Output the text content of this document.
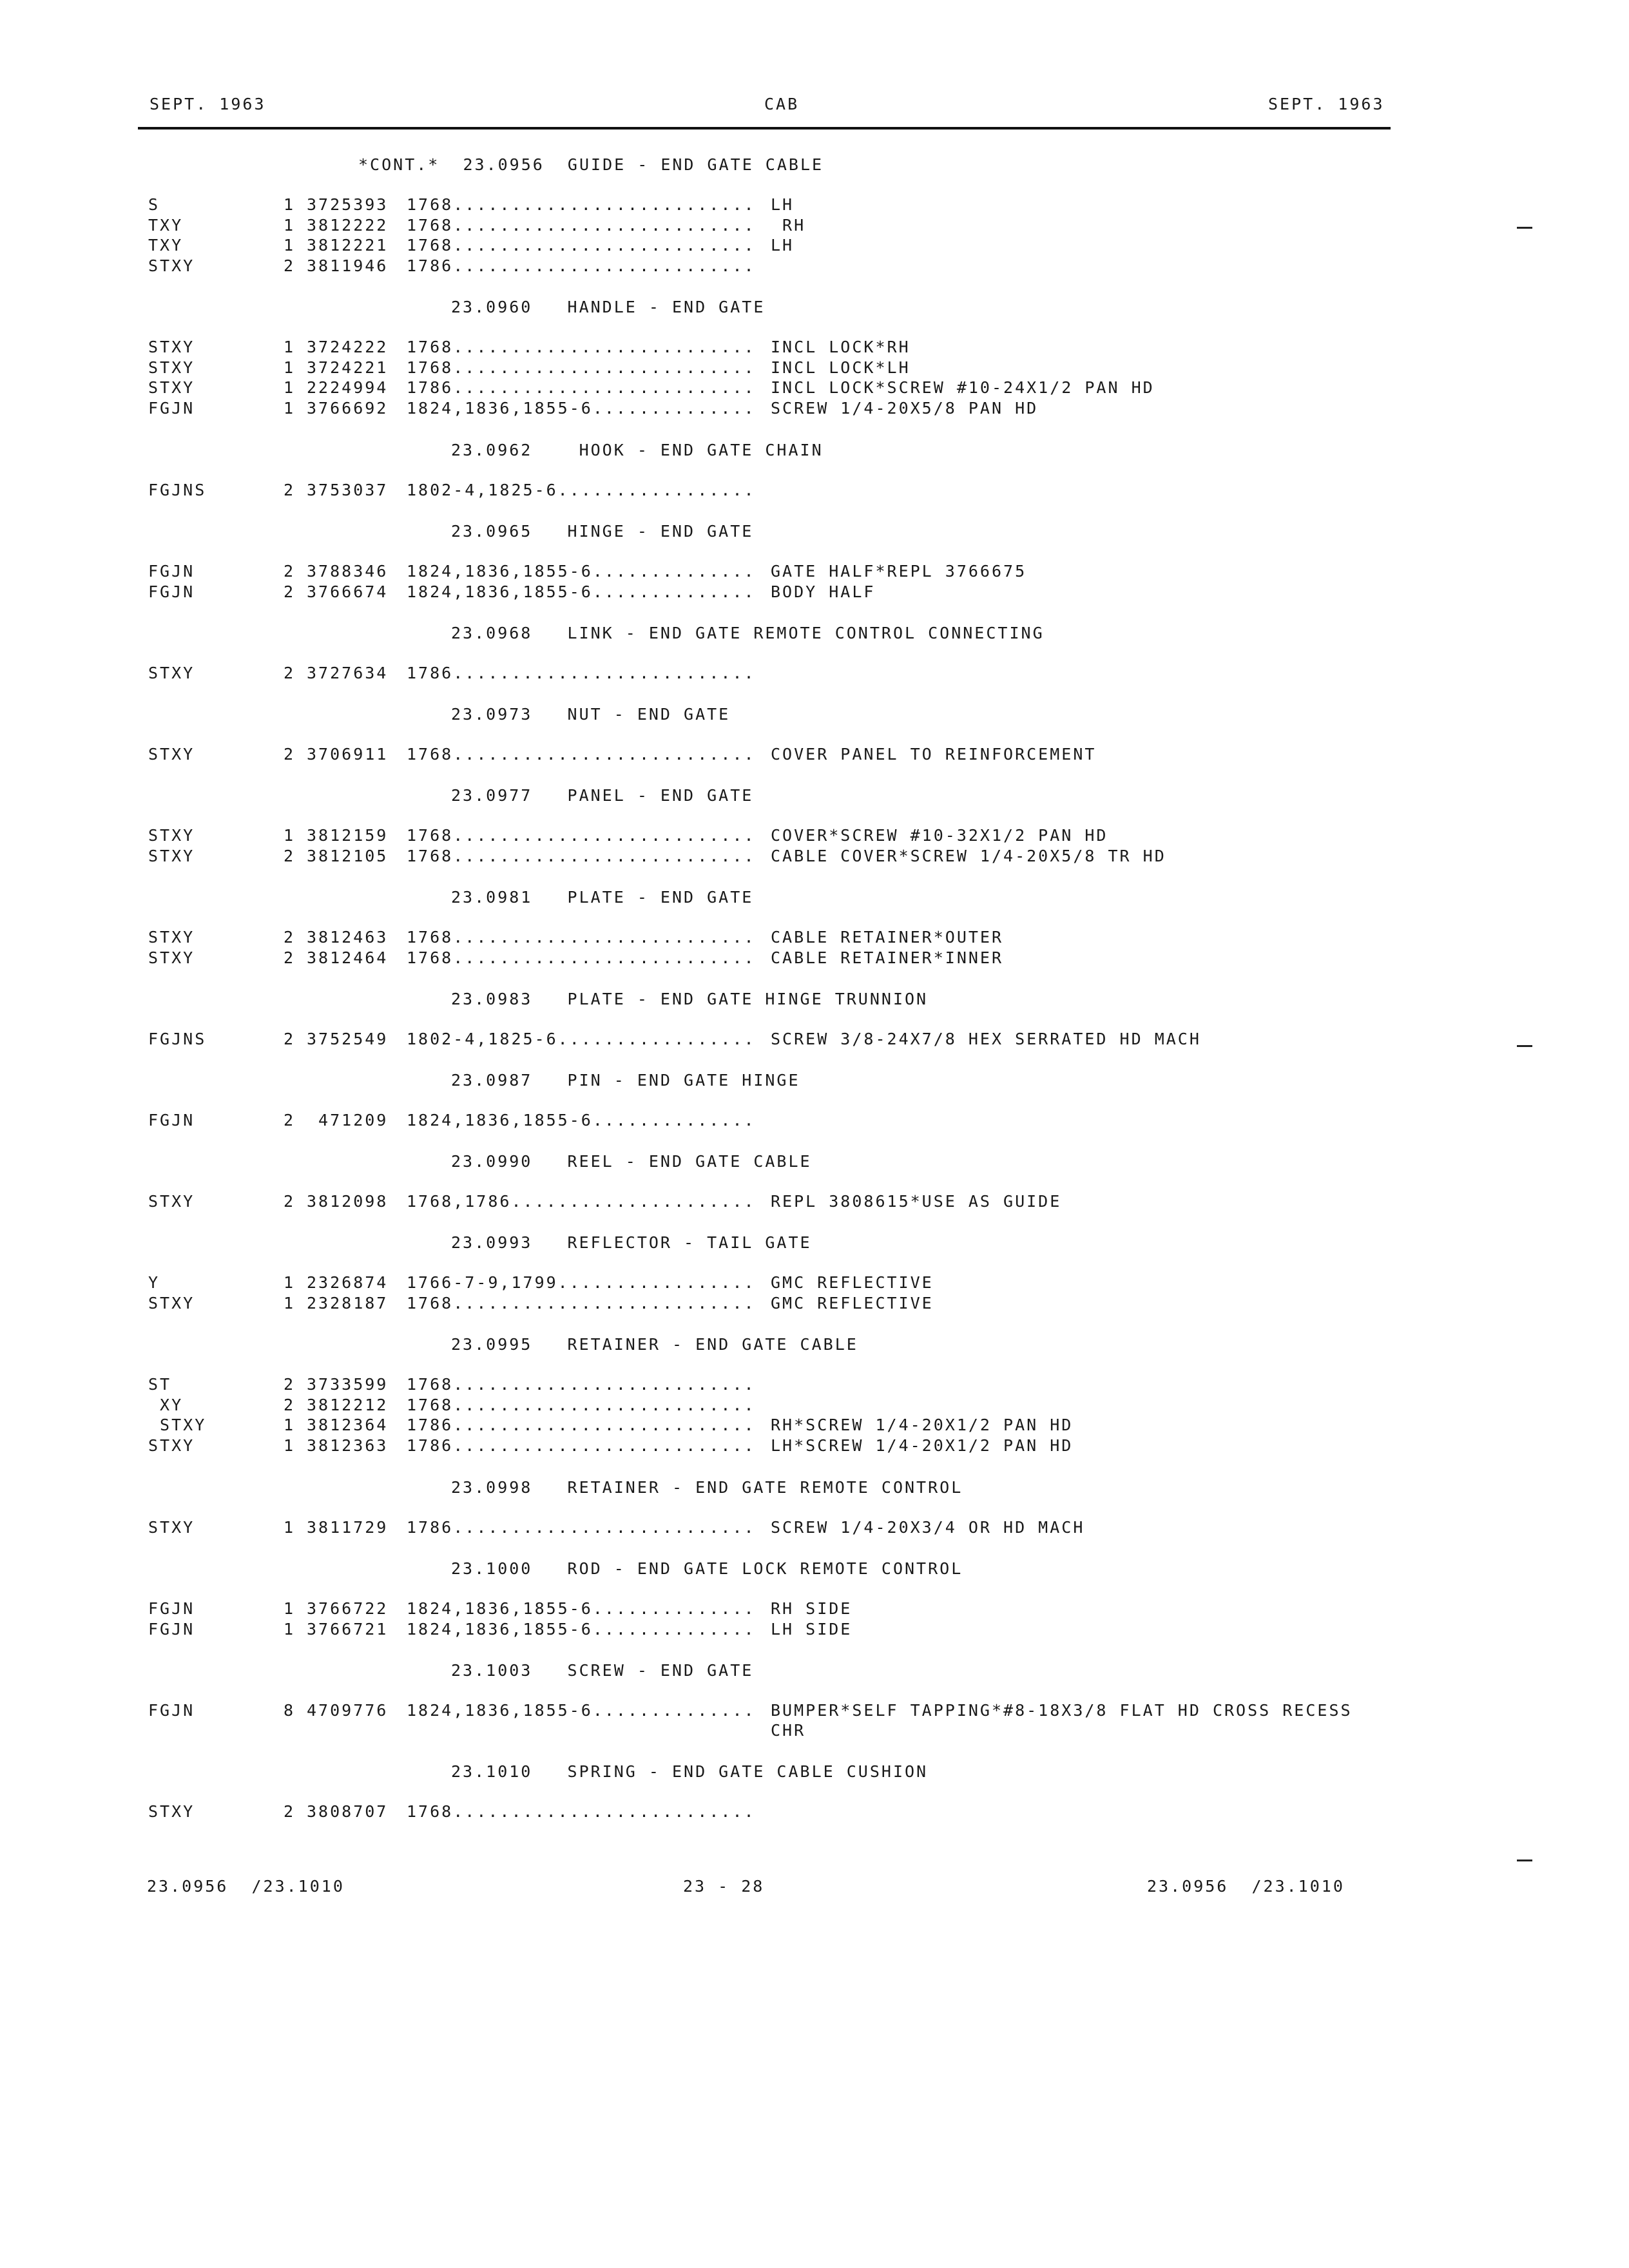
SEPT. 1963	CAB	SEPT. 1963
*CONT.*  23.0956  GUIDE - END GATE CABLE
S	1 3725393 1768.......................... LH
TXY	1 3812222 1768.......................... RH
TXY	1 3812221 1768.......................... LH
STXY	2 3811946 1786..........................
23.0960   HANDLE - END GATE
STXY	1 3724222 1768.......................... INCL LOCK*RH
STXY	1 3724221 1768.......................... INCL LOCK*LH
STXY	1 2224994 1786.......................... INCL LOCK*SCREW #10-24X1/2 PAN HD
FGJN	1 3766692 1824,1836,1855-6.............. SCREW 1/4-20X5/8 PAN HD
23.0962    HOOK - END GATE CHAIN
FGJNS	2 3753037 1802-4,1825-6.................
23.0965   HINGE - END GATE
FGJN	2 3788346 1824,1836,1855-6.............. GATE HALF*REPL 3766675
FGJN	2 3766674 1824,1836,1855-6.............. BODY HALF
23.0968   LINK - END GATE REMOTE CONTROL CONNECTING
STXY	2 3727634 1786..........................
23.0973   NUT - END GATE
STXY	2 3706911 1768.......................... COVER PANEL TO REINFORCEMENT
23.0977   PANEL - END GATE
STXY	1 3812159 1768.......................... COVER*SCREW #10-32X1/2 PAN HD
STXY	2 3812105 1768.......................... CABLE COVER*SCREW 1/4-20X5/8 TR HD
23.0981   PLATE - END GATE
STXY	2 3812463 1768.......................... CABLE RETAINER*OUTER
STXY	2 3812464 1768.......................... CABLE RETAINER*INNER
23.0983   PLATE - END GATE HINGE TRUNNION
FGJNS	2 3752549 1802-4,1825-6................. SCREW 3/8-24X7/8 HEX SERRATED HD MACH
23.0987   PIN - END GATE HINGE
FGJN	2 471209 1824,1836,1855-6..............
23.0990   REEL - END GATE CABLE
STXY	2 3812098 1768,1786..................... REPL 3808615*USE AS GUIDE
23.0993   REFLECTOR - TAIL GATE
Y	1 2326874 1766-7-9,1799................. GMC REFLECTIVE
STXY	1 2328187 1768.......................... GMC REFLECTIVE
23.0995   RETAINER - END GATE CABLE
ST	2 3733599 1768..........................
XY	2 3812212 1768..........................
STXY	1 3812364 1786.......................... RH*SCREW 1/4-20X1/2 PAN HD
STXY	1 3812363 1786.......................... LH*SCREW 1/4-20X1/2 PAN HD
23.0998   RETAINER - END GATE REMOTE CONTROL
STXY	1 3811729 1786.......................... SCREW 1/4-20X3/4 OR HD MACH
23.1000   ROD - END GATE LOCK REMOTE CONTROL
FGJN	1 3766722 1824,1836,1855-6.............. RH SIDE
FGJN	1 3766721 1824,1836,1855-6.............. LH SIDE
23.1003   SCREW - END GATE
FGJN	8 4709776 1824,1836,1855-6.............. BUMPER*SELF TAPPING*#8-18X3/8 FLAT HD CROSS RECESS
CHR
23.1010   SPRING - END GATE CABLE CUSHION
STXY	2 3808707 1768..........................
23.0956  /23.1010	23 - 28	23.0956  /23.1010
